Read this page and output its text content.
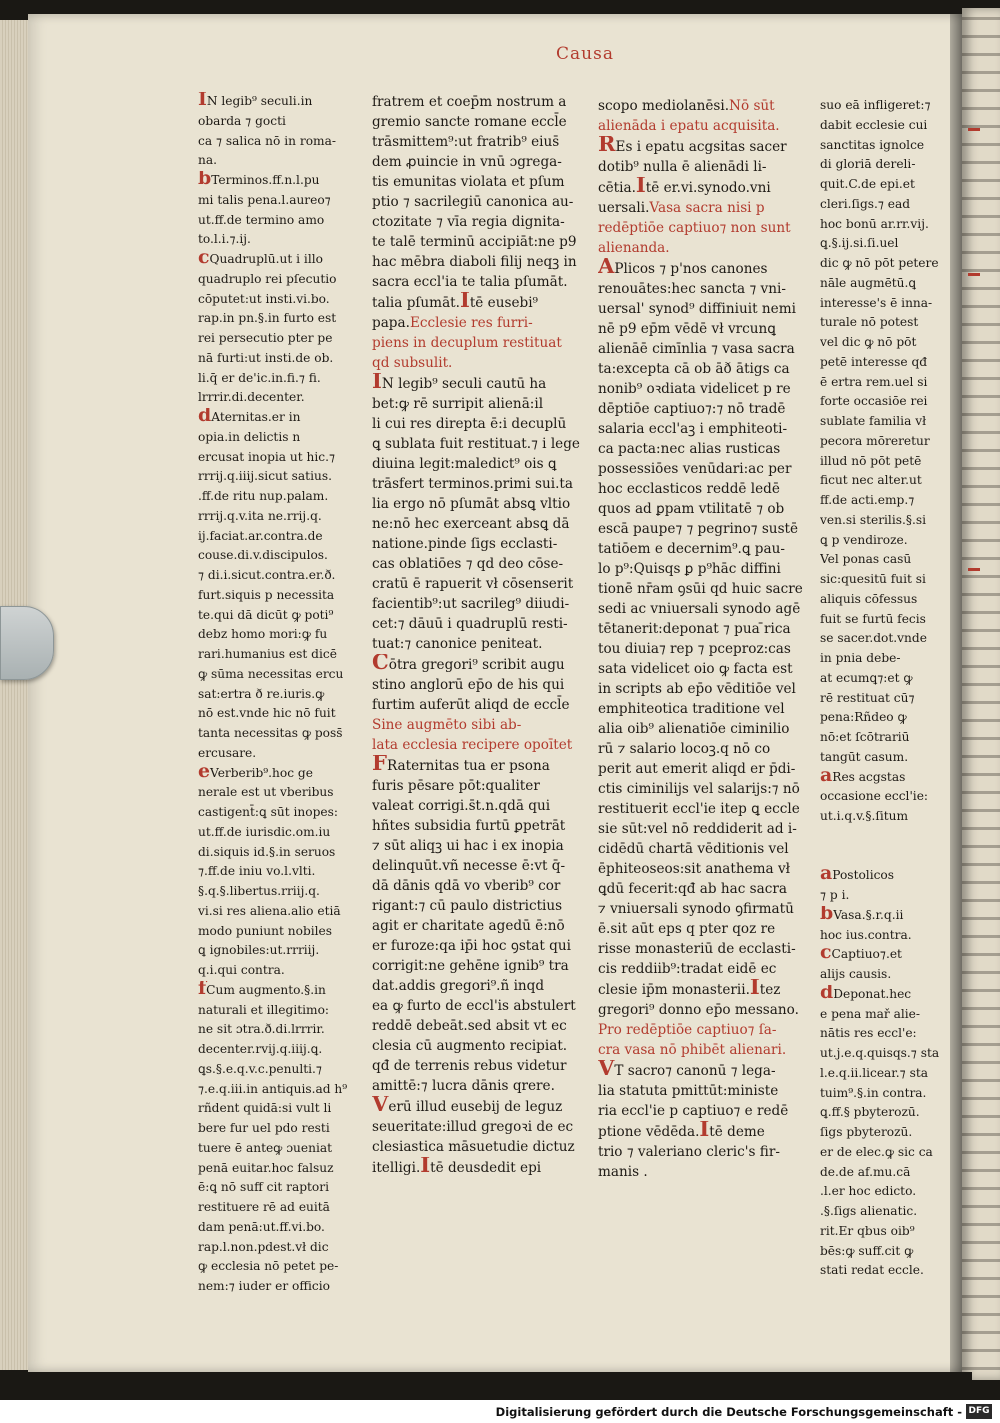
Causa

IN legib⁹ seculi.in

obarda ⁊ gocti

ca ⁊ salica nō in roma-

na.

bTerminos.ff.n.l.pu

mi talis pena.l.aureo⁊

ut.ff.de termino amo

to.l.i.⁊.ij.

cQuadruplū.ut i illo

quadruplo rei pſecutio

cōputet:ut insti.vi.bo.

rap.in pn.§.in furto est

rei persecutio pter pe

nā furti:ut insti.de ob.

li.q̄ er de'ic.in.fi.⁊ fi.

lrrrir.di.decenter.

dAternitas.er in

opia.in delictis n

ercusat inopia ut hic.⁊

rrrij.q.iiij.sicut satius.

.ff.de ritu nup.palam.

rrrij.q.v.ita ne.rrij.q.

ij.faciat.ar.contra.de

couse.di.v.discipulos.

⁊ di.i.sicut.contra.er.ð.

furt.siquis p necessita

te.qui dā dicūt ꝙ poti⁹

debz homo mori:ꝙ fu

rari.humanius est dicē

ꝙ sūma necessitas ercu

sat:ertra ð re.iuris.ꝙ

nō est.vnde hic nō fuit

tanta necessitas ꝙ poss̄

ercusare.

eVerberib⁹.hoc ge

nerale est ut vberibus

castigent̄:ꝗ sūt inopes:

ut.ff.de iurisdic.om.iu

di.siquis id.§.in seruos

⁊.ff.de iniu vo.l.vlti.

§.q.§.libertus.rriij.q.

vi.si res aliena.alio etiā

modo puniunt nobiles

ꝗ ignobiles:ut.rrriij.

q.i.qui contra.

fCum augmento.§.in

naturali et illegitimo:

ne sit ɔtra.ð.di.lrrrir.

decenter.rvij.q.iiij.ꝗ.

ꝗs.§.e.q.v.c.penulti.⁊

⁊.e.q.iii.in antiquis.ad h⁹

rñdent quidā:si vult li

bere fur uel pdo resti

tuere ē anteꝙ ɔueniat

penā euitar.hoc falsuz

ē:ꝗ nō suff cit raptori

restituere rē ad euitā

dam penā:ut.ff.vi.bo.

rap.l.non.pdest.vł dic

ꝙ ecclesia nō petet pe-

nem:⁊ iuder er officio

fratrem et coep̄m nostrum a

gremio sancte romane eccl̄e

trāsmittem⁹:ut fratrib⁹ eius̄

dem ꝓuincie in vnū ɔgrega-

tis emunitas violata et pſum

ptio ⁊ sacrilegiū canonica au-

ctozitate ⁊ vīa regia dignita-

te talē terminū accipiāt:ne p9

hac mēbra diaboli filij neqꝫ in

sacra eccl'ia te talia pſumāt.

talia pſumāt.Itē eusebi⁹

papa.Ecclesie res furri-

piens in decuplum restituat

qd subsulit.

IN legib⁹ seculi cautū ha

bet:ꝙ rē surripit alienā:il

li cui res direpta ē:i decuplū

ꝗ sublata fuit restituat.⁊ i lege

diuina legit:maledict⁹ ois ꝗ

trāsfert terminos.primi sui.ta

lia ergo nō pſumāt absꝗ vltio

ne:nō hec exerceant absꝗ dā

natione.pinde ſigs ecclasti-

cas oblatiōes ⁊ qd deo cōse-

cratū ē rapuerit vł cōsenserit

facientib⁹:ut sacrileg⁹ diiudi-

cet:⁊ dāuū i quadruplū resti-

tuat:⁊ canonice peniteat.

Cōtra gregori⁹ scribit augu

stino anglorū ep̄o de his qui

furtim auferūt aliqd de eccl̄e

Sine augmēto sibi ab-

lata ecclesia recipere opoītet

FRaternitas tua er psona

furis pēsare pōt:qualiter

valeat corrigi.s̄t.n.qdā qui

hñtes subsidia furtū ꝑpetrāt

⁊ sūt aliqꝫ ui hac i ex inopia

delinquūt.vñ necesse ē:vt q̄-

dā dānis qdā vo vberib⁹ cor

rigant:⁊ cū paulo districtius

agit er charitate agedū ē:nō

er furoze:qa ip̄i hoc ꝯstat qui

corrigit:ne gehēne ignib⁹ tra

dat.addis gregori⁹.ñ inqd

ea ꝙ furto de eccl'is abstulert

reddē debeāt.sed absit vt ec

clesia cū augmento recipiat.

qđ de terrenis rebus videtur

amittē:⁊ lucra dānis qrere.

Verū illud eusebij de leguz

seueritate:illud gregoꝛi de ec

clesiastica māsuetudie dictuz

itelligi.Itē deusdedit epi

scopo mediolanēsi.Nō sūt

alienāda i epatu acquisita.

REs i epatu acgsitas sacer

dotib⁹ nulla ē alienādi li-

cētia.Itē er.vi.synodo.vni

uersali.Vasa sacra nisi p

redēptiōe captiuo⁊ non sunt

alienanda.

APlicos ⁊ p'nos canones

renouātes:hec sancta ⁊ vni-

uersal' synod⁹ diffiniuit nemi

nē p9 ep̄m vēdē vł vrcunꝗ

alienāē cimīnlia ⁊ vasa sacra

ta:excepta cā ob āð ātigs ca

nonib⁹ oꝛdiata videlicet p re

dēptiōe captiuo⁊:⁊ nō tradē

salaria eccl'aꝫ i emphiteoti-

ca pacta:nec alias rusticas

possessiōes venūdari:ac per

hoc ecclasticos reddē ledē

quos ad ꝑpam vtilitatē ⁊ ob

escā paupe⁊ ⁊ pegrino⁊ sustē

tatiōem e decernim⁹.ꝗ pau-

lo p⁹:Quisqs ꝑ p⁹hāc diffini

tionē nr̄am ꝯsūi qd huic sacre

sedi ac vniuersali synodo agē

tētanerit:deponat ⁊ pua ̄rica

tou diuia⁊ rep ⁊ pceproz:cas

sata videlicet oio ꝙ facta est

in scripts ab ep̄o vēditiōe vel

emphiteotica traditione vel

alia oib⁹ alienatiōe ciminilio

rū ⁊ salario locoꝫ.q nō co

perit aut emerit aliqd er p̄di-

ctis ciminilijs vel salarijs:⁊ nō

restituerit eccl'ie itep ꝗ eccle

sie sūt:vel nō reddiderit ad i-

cidēdū chartā vēditionis vel

ēphiteoseos:sit anathema vł

ꝗdū fecerit:qđ ab hac sacra

⁊ vniuersali synodo ꝯfirmatū

ē.sit aūt eps q pter qoz re

risse monasteriū de ecclasti-

cis reddiib⁹:tradat eidē ec

clesie ip̄m monasterii.Itez

gregori⁹ donno ep̄o messano.

Pro redēptiōe captiuo⁊ ſa-

cra vasa nō phibēt alienari.

VT sacro⁊ canonū ⁊ lega-

lia statuta pmittūt:ministe

ria eccl'ie p captiuo⁊ e redē

ptione vēdēda.Itē deme

trio ⁊ valeriano cleric's fir-

manis .

suo eā infligeret:⁊

dabit ecclesie cui

sanctitas ignolce

di gloriā dereli-

quit.C.de epi.et

cleri.ſigs.⁊ ead

hoc bonū ar.rr.vij.

ꝗ.§.ij.si.ſi.uel

dic ꝙ nō pōt petere

nāle augmētū.ꝗ

interesse's ē inna-

turale nō potest

vel dic ꝙ nō pōt

petē interesse qđ

ē ertra rem.uel si

forte occasiōe rei

sublate familia vł

pecora mōreretur

illud nō pōt petē

ficut nec alter.ut

ff.de acti.emp.⁊

ven.si sterilis.§.si

ꝗ p vendiroze.

Vel ponas casū

sic:quesitū fuit si

aliquis cōfessus

fuit se furtū fecis

se sacer.dot.vnde

in pnia debe-

at ecumꝗ⁊:et ꝙ

rē restituat cū⁊

pena:Rñdeo ꝙ

nō:et ſcōtrariū

tangūt casum.

aRes acgstas

occasione eccl'ie:

ut.i.q.v.§.ſitum

aPostolicos

⁊ p i.

bVasa.§.r.q.ii

hoc ius.contra.

cCaptiuo⁊.et

alijs causis.

dDeponat.hec

e pena mař alie-

nātis res eccl'e:

ut.j.e.q.quisqs.⁊ sta

l.e.q.ii.licear.⁊ sta

tuim⁹.§.in contra.

ꝗ.ff.§ pbyterozū.

ſigs pbyterozū.

er de elec.ꝙ sic ca

de.de af.mu.cā

.l.er hoc edicto.

.§.ſigs alienatic.

rit.Er qbus oib⁹

bēs:ꝙ suff.cit ꝙ

stati redat eccle.

Digitalisierung gefördert durch die Deutsche Forschungsgemeinschaft - DFG
